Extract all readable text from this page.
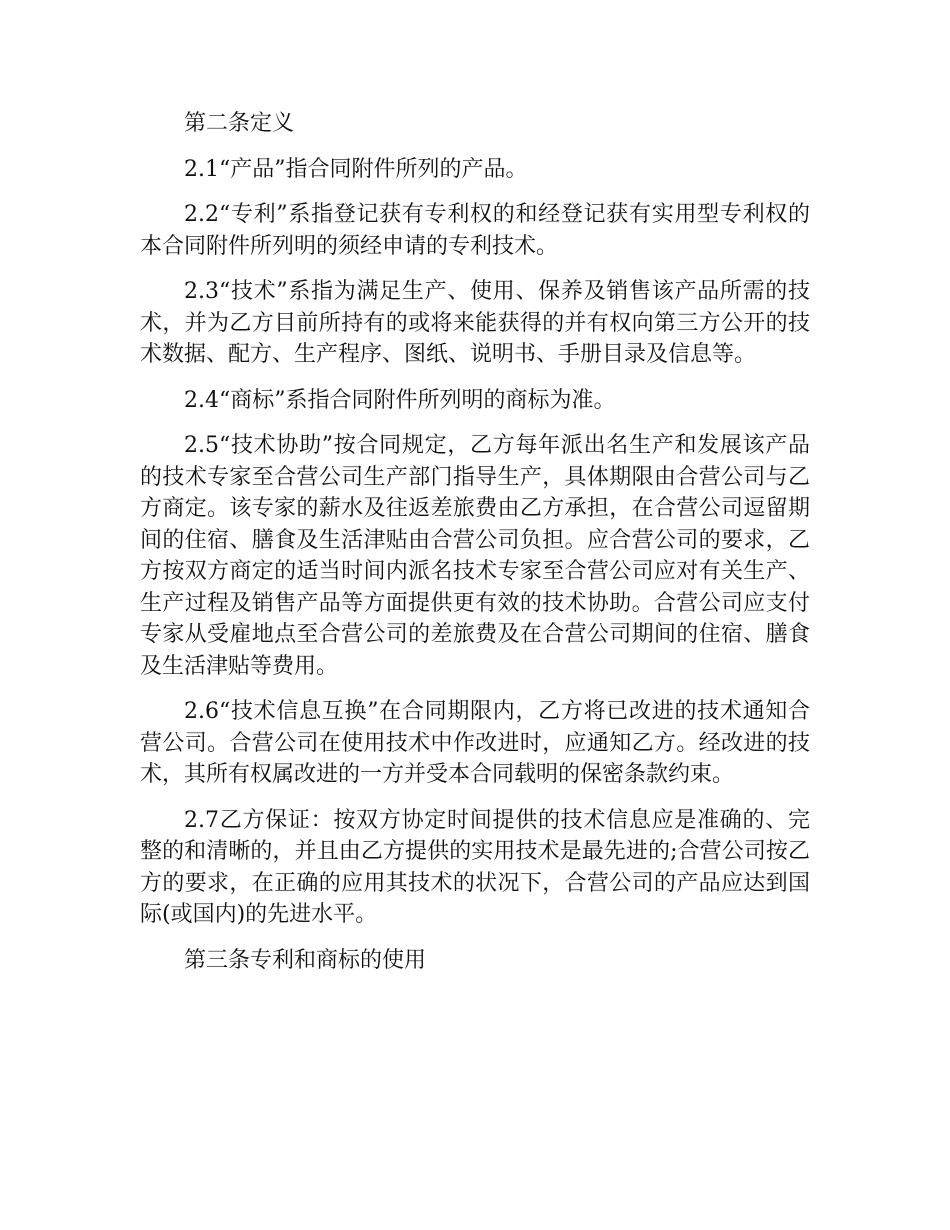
第二条定义

2.1“产品”指合同附件所列的产品。

2.2“专利”系指登记获有专利权的和经登记获有实用型专利权的本合同附件所列明的须经申请的专利技术。

2.3“技术”系指为满足生产、使用、保养及销售该产品所需的技术，并为乙方目前所持有的或将来能获得的并有权向第三方公开的技术数据、配方、生产程序、图纸、说明书、手册目录及信息等。

2.4“商标”系指合同附件所列明的商标为准。

2.5“技术协助”按合同规定，乙方每年派出名生产和发展该产品的技术专家至合营公司生产部门指导生产，具体期限由合营公司与乙方商定。该专家的薪水及往返差旅费由乙方承担，在合营公司逗留期间的住宿、膳食及生活津贴由合营公司负担。应合营公司的要求，乙方按双方商定的适当时间内派名技术专家至合营公司应对有关生产、生产过程及销售产品等方面提供更有效的技术协助。合营公司应支付专家从受雇地点至合营公司的差旅费及在合营公司期间的住宿、膳食及生活津贴等费用。

2.6“技术信息互换”在合同期限内，乙方将已改进的技术通知合营公司。合营公司在使用技术中作改进时，应通知乙方。经改进的技术，其所有权属改进的一方并受本合同载明的保密条款约束。

2.7乙方保证：按双方协定时间提供的技术信息应是准确的、完整的和清晰的，并且由乙方提供的实用技术是最先进的;合营公司按乙方的要求，在正确的应用其技术的状况下，合营公司的产品应达到国际(或国内)的先进水平。

第三条专利和商标的使用
